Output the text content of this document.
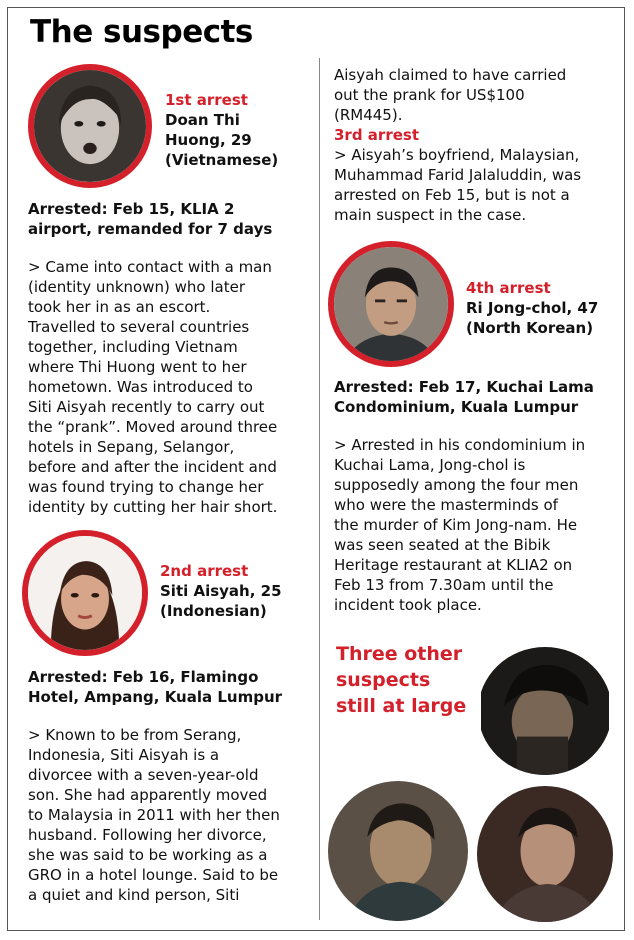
The suspects
1st arrest
Doan Thi
Huong, 29
(Vietnamese)
Arrested: Feb 15, KLIA 2
airport, remanded for 7 days

> Came into contact with a man

(identity unknown) who later

took her in as an escort.

Travelled to several countries

together, including Vietnam

where Thi Huong went to her

hometown. Was introduced to

Siti Aisyah recently to carry out

the “prank”. Moved around three

hotels in Sepang, Selangor,

before and after the incident and

was found trying to change her

identity by cutting her hair short.

2nd arrest
Siti Aisyah, 25
(Indonesian)
Arrested: Feb 16, Flamingo
Hotel, Ampang, Kuala Lumpur

> Known to be from Serang,

Indonesia, Siti Aisyah is a

divorcee with a seven-year-old

son. She had apparently moved

to Malaysia in 2011 with her then

husband. Following her divorce,

she was said to be working as a

GRO in a hotel lounge. Said to be

a quiet and kind person, Siti

Aisyah claimed to have carried

out the prank for US$100

(RM445).

3rd arrest

> Aisyah’s boyfriend, Malaysian,

Muhammad Farid Jalaluddin, was

arrested on Feb 15, but is not a

main suspect in the case.

4th arrest
Ri Jong-chol, 47
(North Korean)
Arrested: Feb 17, Kuchai Lama
Condominium, Kuala Lumpur

> Arrested in his condominium in

Kuchai Lama, Jong-chol is

supposedly among the four men

who were the masterminds of

the murder of Kim Jong-nam. He

was seen seated at the Bibik

Heritage restaurant at KLIA2 on

Feb 13 from 7.30am until the

incident took place.

Three other
suspects
still at large
